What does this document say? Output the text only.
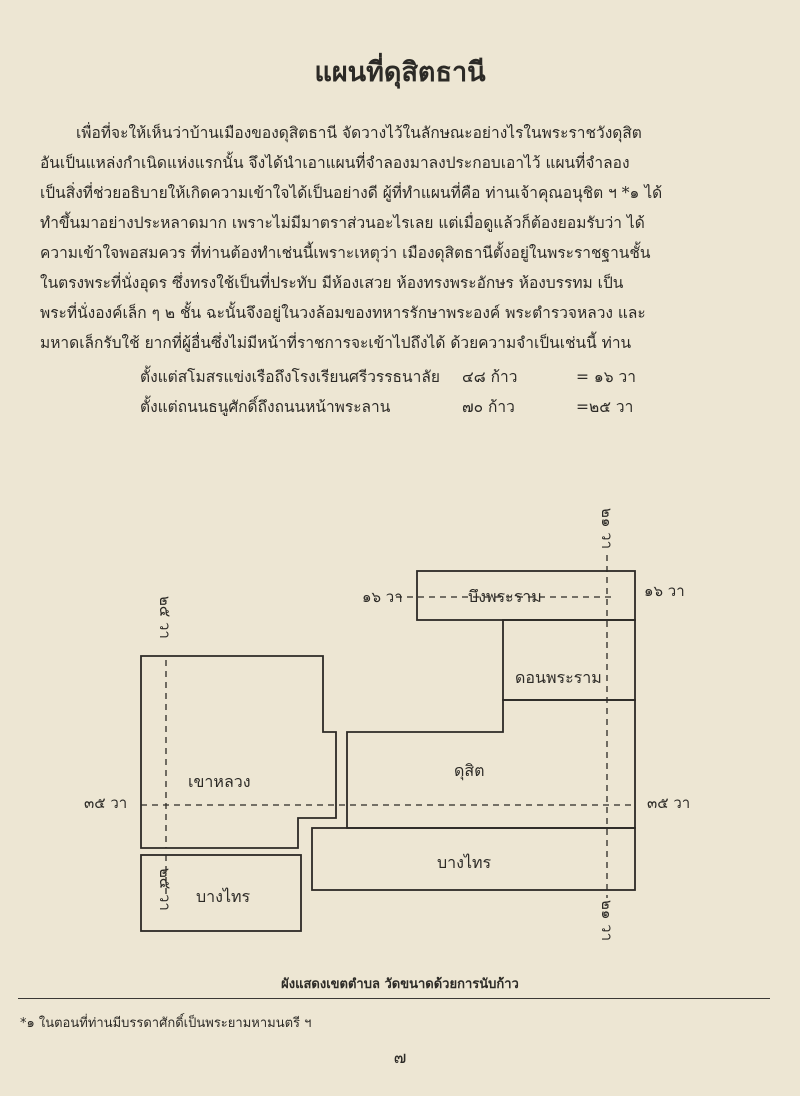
แผนที่ดุสิตธานี
เพื่อที่จะให้เห็นว่าบ้านเมืองของดุสิตธานี จัดวางไว้ในลักษณะอย่างไรในพระราชวังดุสิต
อันเป็นแหล่งกำเนิดแห่งแรกนั้น จึงได้นำเอาแผนที่จำลองมาลงประกอบเอาไว้ แผนที่จำลอง
เป็นสิ่งที่ช่วยอธิบายให้เกิดความเข้าใจได้เป็นอย่างดี ผู้ที่ทำแผนที่คือ ท่านเจ้าคุณอนุชิต ฯ *๑ ได้
ทำขึ้นมาอย่างประหลาดมาก เพราะไม่มีมาตราส่วนอะไรเลย แต่เมื่อดูแล้วก็ต้องยอมรับว่า ได้
ความเข้าใจพอสมควร ที่ท่านต้องทำเช่นนี้เพราะเหตุว่า เมืองดุสิตธานีตั้งอยู่ในพระราชฐานชั้น
ในตรงพระที่นั่งอุดร ซึ่งทรงใช้เป็นที่ประทับ มีห้องเสวย ห้องทรงพระอักษร ห้องบรรทม เป็น
พระที่นั่งองค์เล็ก ๆ ๒ ชั้น ฉะนั้นจึงอยู่ในวงล้อมของทหารรักษาพระองค์ พระตำรวจหลวง และ
มหาดเล็กรับใช้ ยากที่ผู้อื่นซึ่งไม่มีหน้าที่ราชการจะเข้าไปถึงได้ ด้วยความจำเป็นเช่นนี้ ท่าน
ตั้งแต่สโมสรแข่งเรือถึงโรงเรียนศรีวรรธนาลัย	๔๘ ก้าว	= ๑๖ วา
ตั้งแต่ถนนธนูศักดิ์ถึงถนนหน้าพระลาน	๗๐ ก้าว	=๒๕ วา
บึงพระราม
ดอนพระราม
เขาหลวง
ดุสิต
บางไทร
บางไทร
๑๖ วา	๑๖ วา
๓๕ วา	๓๕ วา
๒๑ วา
๒๑ วา
๒๕ วา
๒๕ วา
ผังแสดงเขตตำบล วัดขนาดด้วยการนับก้าว
*๑ ในตอนที่ท่านมีบรรดาศักดิ์เป็นพระยามหามนตรี ฯ
๗
